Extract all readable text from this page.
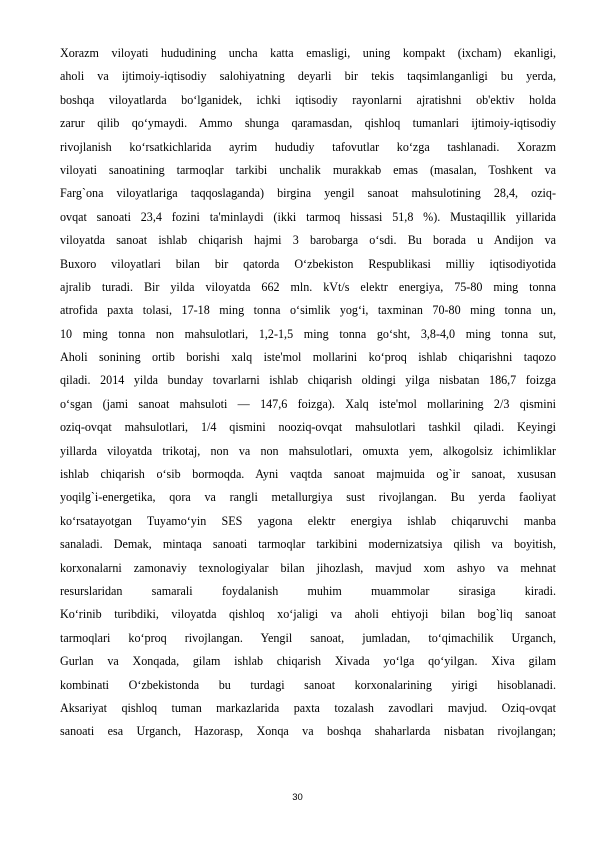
Xorazm viloyati hududining uncha katta emasligi, uning kompakt (ixcham) ekanligi,
aholi va ijtimoiy-iqtisodiy salohiyatning deyarli bir tekis taqsimlanganligi bu yerda,
boshqa viloyatlarda bo‘lganidek, ichki iqtisodiy rayonlarni ajratishni ob'ektiv holda
zarur qilib qo‘ymaydi. Ammo shunga qaramasdan, qishloq tumanlari ijtimoiy-iqtisodiy
rivojlanish ko‘rsatkichlarida ayrim hududiy tafovutlar ko‘zga tashlanadi. Xorazm
viloyati sanoatining tarmoqlar tarkibi unchalik murakkab emas (masalan, Toshkent va
Farg`ona viloyatlariga taqqoslaganda) birgina yengil sanoat mahsulotining 28,4, oziq-
ovqat sanoati 23,4 fozini ta'minlaydi (ikki tarmoq hissasi 51,8 %). Mustaqillik yillarida
viloyatda sanoat ishlab chiqarish hajmi 3 barobarga o‘sdi. Bu borada u Andijon va
Buxoro viloyatlari bilan bir qatorda O‘zbekiston Respublikasi milliy iqtisodiyotida
ajralib turadi. Bir yilda viloyatda 662 mln. kVt/s elektr energiya, 75-80 ming tonna
atrofida paxta tolasi, 17-18 ming tonna o‘simlik yog‘i, taxminan 70-80 ming tonna un,
10 ming tonna non mahsulotlari, 1,2-1,5 ming tonna go‘sht, 3,8-4,0 ming tonna sut,
Aholi sonining ortib borishi xalq iste'mol mollarini ko‘proq ishlab chiqarishni taqozo
qiladi. 2014 yilda bunday tovarlarni ishlab chiqarish oldingi yilga nisbatan 186,7 foizga
o‘sgan (jami sanoat mahsuloti — 147,6 foizga). Xalq iste'mol mollarining 2/3 qismini
oziq-ovqat mahsulotlari, 1/4 qismini nooziq-ovqat mahsulotlari tashkil qiladi. Keyingi
yillarda viloyatda trikotaj, non va non mahsulotlari, omuxta yem, alkogolsiz ichimliklar
ishlab chiqarish o‘sib bormoqda. Ayni vaqtda sanoat majmuida og`ir sanoat, xususan
yoqilg`i-energetika, qora va rangli metallurgiya sust rivojlangan. Bu yerda faoliyat
ko‘rsatayotgan Tuyamo‘yin SES yagona elektr energiya ishlab chiqaruvchi manba
sanaladi. Demak, mintaqa sanoati tarmoqlar tarkibini modernizatsiya qilish va boyitish,
korxonalarni zamonaviy texnologiyalar bilan jihozlash, mavjud xom ashyo va mehnat
resurslaridan samarali foydalanish muhim muammolar sirasiga kiradi.
Ko‘rinib turibdiki, viloyatda qishloq xo‘jaligi va aholi ehtiyoji bilan bog`liq sanoat
tarmoqlari ko‘proq rivojlangan. Yengil sanoat, jumladan, to‘qimachilik Urganch,
Gurlan va Xonqada, gilam ishlab chiqarish Xivada yo‘lga qo‘yilgan. Xiva gilam
kombinati O‘zbekistonda bu turdagi sanoat korxonalarining yirigi hisoblanadi.
Aksariyat qishloq tuman markazlarida paxta tozalash zavodlari mavjud. Oziq-ovqat
sanoati esa Urganch, Hazorasp, Xonqa va boshqa shaharlarda nisbatan rivojlangan;
30
